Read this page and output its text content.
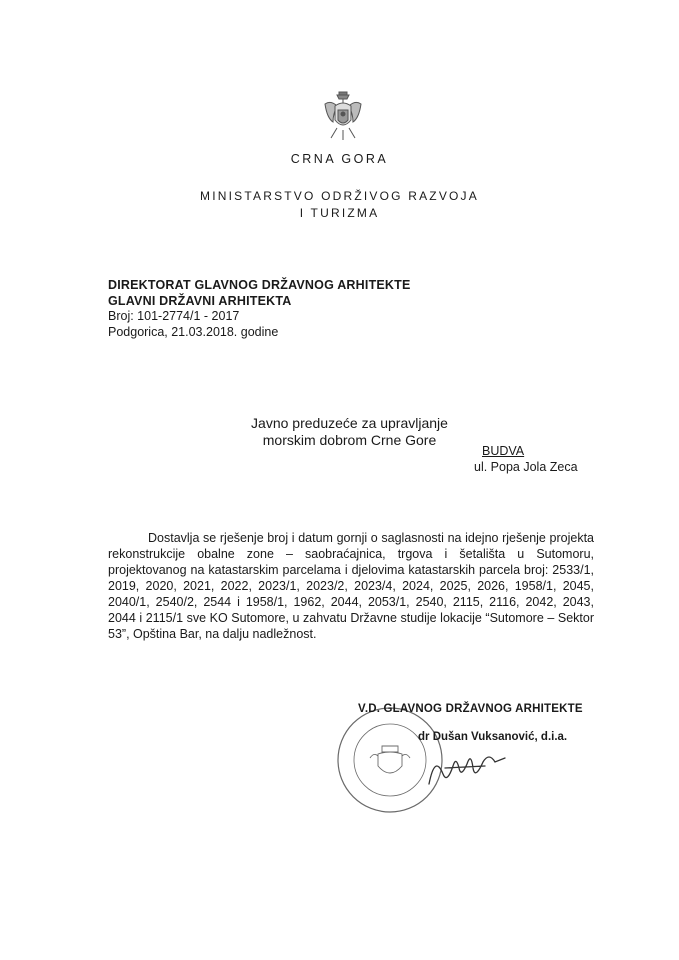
CRNA GORA
MINISTARSTVO ODRŽIVOG RAZVOJA
I TURIZMA
DIREKTORAT GLAVNOG DRŽAVNOG ARHITEKTE
GLAVNI DRŽAVNI ARHITEKTA
Broj: 101-2774/1 - 2017
Podgorica, 21.03.2018. godine
Javno preduzeće za upravljanje
morskim dobrom Crne Gore
BUDVA
ul. Popa Jola Zeca
Dostavlja se rješenje broj i datum gornji o saglasnosti na idejno rješenje projekta rekonstrukcije obalne zone – saobraćajnica, trgova i šetališta u Sutomoru, projektovanog na katastarskim parcelama i djelovima katastarskih parcela broj: 2533/1, 2019, 2020, 2021, 2022, 2023/1, 2023/2, 2023/4, 2024, 2025, 2026, 1958/1, 2045, 2040/1, 2540/2, 2544 i 1958/1, 1962, 2044, 2053/1, 2540, 2115, 2116, 2042, 2043, 2044 i 2115/1 sve KO Sutomore, u zahvatu Državne studije lokacije “Sutomore – Sektor 53”, Opština Bar, na dalju nadležnost.
V.D. GLAVNOG DRŽAVNOG ARHITEKTE
dr Dušan Vuksanović, d.i.a.
